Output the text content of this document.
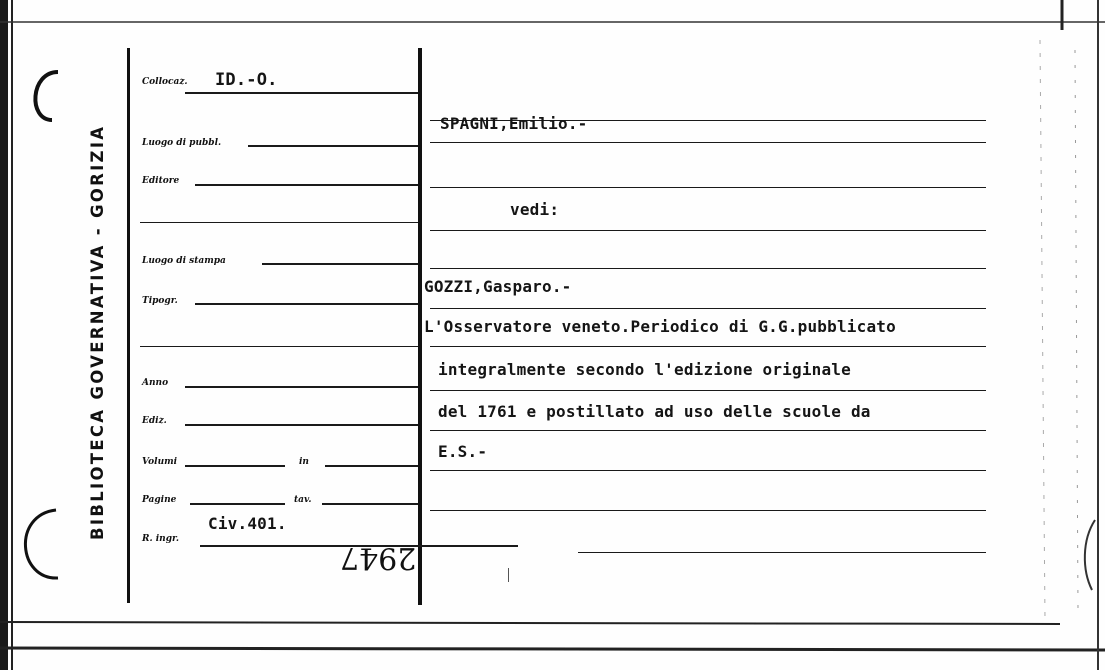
BIBLIOTECA GOVERNATIVA - GORIZIA
Collocaz. ID.-O.
Luogo di pubbl.
Editore
Luogo di stampa
Tipogr.
Anno
Ediz.
Volumi	in
Pagine	tav.
Civ.401.
R. ingr.
2947
SPAGNI,Emilio.-
vedi:
GOZZI,Gasparo.-
L'Osservatore veneto.Periodico di G.G.pubblicato
integralmente secondo l'edizione originale
del 1761 e postillato ad uso delle scuole da
E.S.-
